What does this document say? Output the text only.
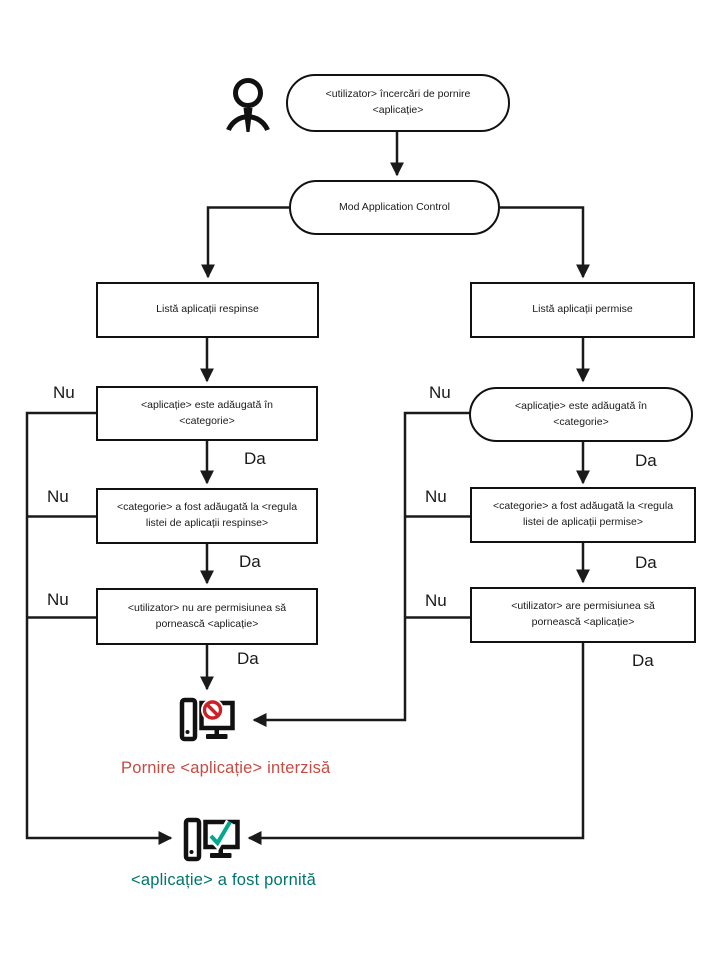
<utilizator> încercări de pornire <aplicație>
Mod Application Control
Listă aplicații respinse	Listă aplicații permise
<aplicație> este adăugată în <categorie>
<categorie> a fost adăugată la <regula listei de aplicații respinse>
<utilizator> nu are permisiunea să pornească <aplicație>
<aplicație> este adăugată în <categorie>
<categorie> a fost adăugată la <regula listei de aplicații permise>
<utilizator> are permisiunea să pornească <aplicație>
Nu
Nu
Nu
Nu
Nu
Nu
Da
Da
Da
Da
Da
Da
Pornire <aplicație> interzisă
<aplicație> a fost pornită
